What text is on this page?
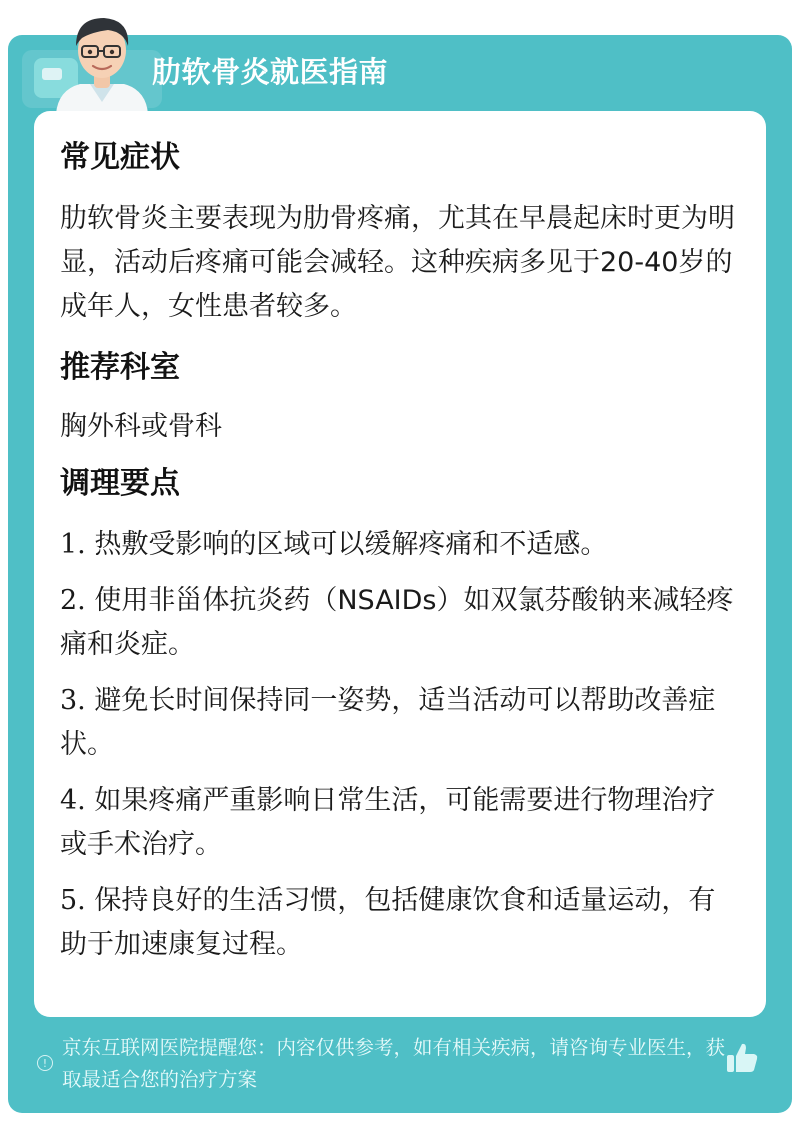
肋软骨炎就医指南
常见症状

肋软骨炎主要表现为肋骨疼痛，尤其在早晨起床时更为明显，活动后疼痛可能会减轻。这种疾病多见于20-40岁的成年人，女性患者较多。

推荐科室

胸外科或骨科

调理要点

1. 热敷受影响的区域可以缓解疼痛和不适感。

2. 使用非甾体抗炎药（NSAIDs）如双氯芬酸钠来减轻疼痛和炎症。

3. 避免长时间保持同一姿势，适当活动可以帮助改善症状。

4. 如果疼痛严重影响日常生活，可能需要进行物理治疗或手术治疗。

5. 保持良好的生活习惯，包括健康饮食和适量运动，有助于加速康复过程。

!
京东互联网医院提醒您：内容仅供参考，如有相关疾病，请咨询专业医生，获取最适合您的治疗方案
